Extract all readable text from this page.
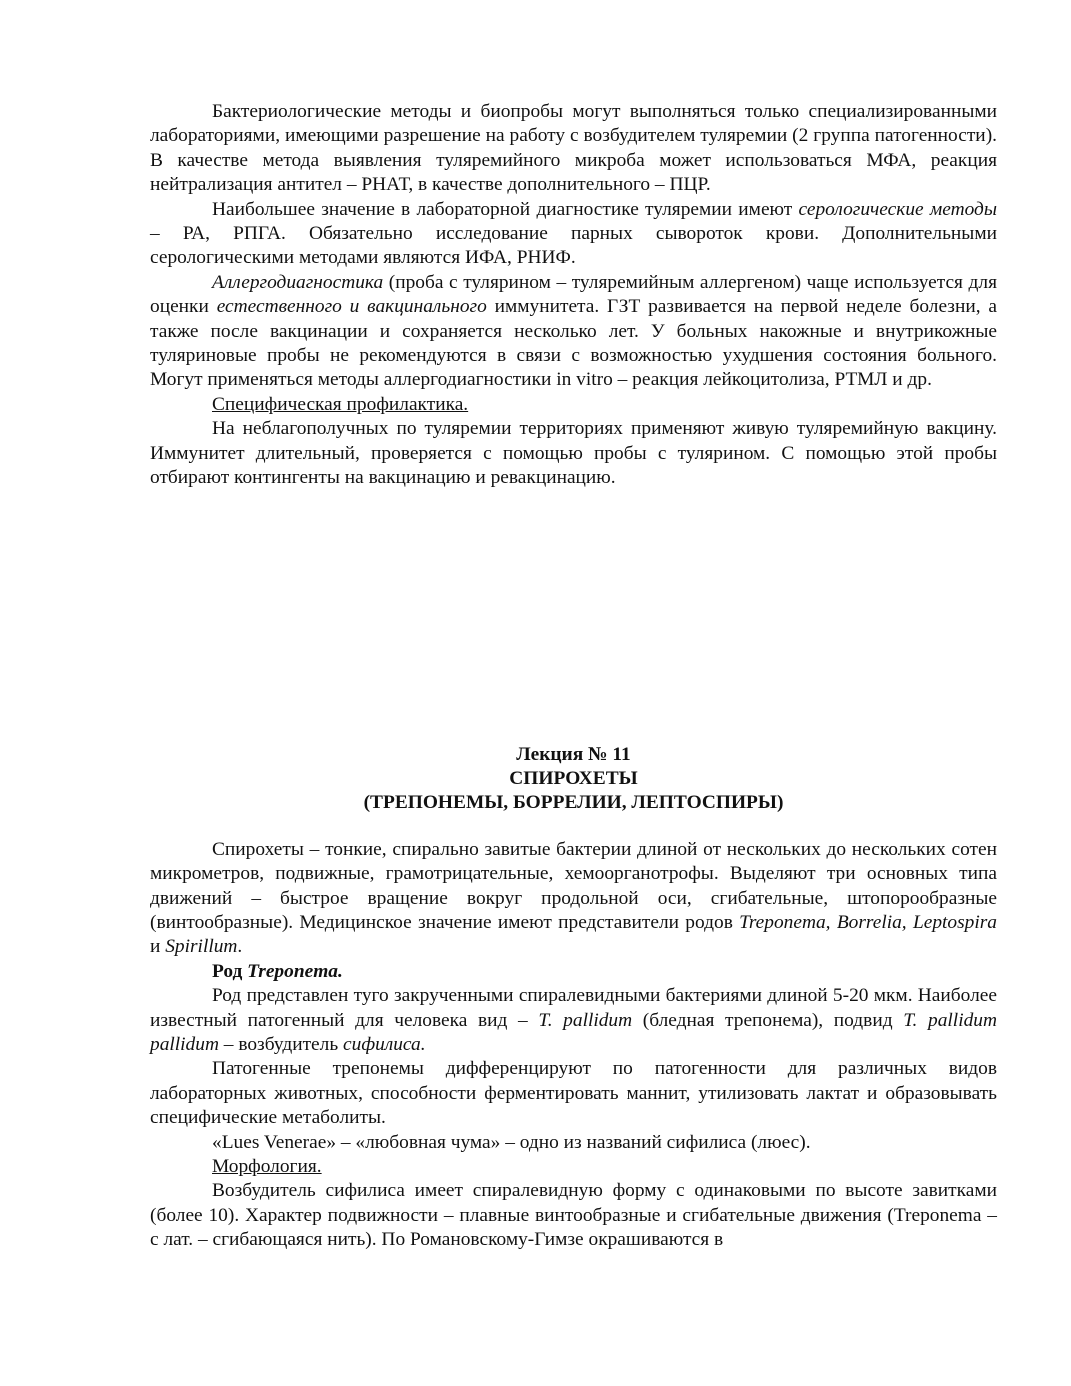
Бактериологические методы и биопробы могут выполняться только специализированными лабораториями, имеющими разрешение на работу с возбудителем туляремии (2 группа патогенности). В качестве метода выявления туляремийного микроба может использоваться МФА, реакция нейтрализация антител – РНАТ, в качестве дополнительного – ПЦР.

Наибольшее значение в лабораторной диагностике туляремии имеют серологические методы – РА, РПГА. Обязательно исследование парных сывороток крови. Дополнительными серологическими методами являются ИФА, РНИФ.

Аллергодиагностика (проба с тулярином – туляремийным аллергеном) чаще используется для оценки естественного и вакцинального иммунитета. ГЗТ развивается на первой неделе болезни, а также после вакцинации и сохраняется несколько лет. У больных накожные и внутрикожные туляриновые пробы не рекомендуются в связи с возможностью ухудшения состояния больного. Могут применяться методы аллергодиагностики in vitro – реакция лейкоцитолиза, РТМЛ и др.

Специфическая профилактика.

На неблагополучных по туляремии территориях применяют живую туляремийную вакцину. Иммунитет длительный, проверяется с помощью пробы с тулярином. С помощью этой пробы отбирают контингенты на вакцинацию и ревакцинацию.

Лекция № 11

СПИРОХЕТЫ

(ТРЕПОНЕМЫ, БОРРЕЛИИ, ЛЕПТОСПИРЫ)

Спирохеты – тонкие, спирально завитые бактерии длиной от нескольких до нескольких сотен микрометров, подвижные, грамотрицательные, хемоорганотрофы. Выделяют три основных типа движений – быстрое вращение вокруг продольной оси, сгибательные, штопорообразные (винтообразные). Медицинское значение имеют представители родов Treponema, Borrelia, Leptospira и Spirillum.

Род Treponema.

Род представлен туго закрученными спиралевидными бактериями длиной 5-20 мкм. Наиболее известный патогенный для человека вид – T. pallidum (бледная трепонема), подвид T. pallidum pallidum – возбудитель сифилиса.

Патогенные трепонемы дифференцируют по патогенности для различных видов лабораторных животных, способности ферментировать маннит, утилизовать лактат и образовывать специфические метаболиты.

«Lues Venerae» – «любовная чума» – одно из названий сифилиса (люес).

Морфология.

Возбудитель сифилиса имеет спиралевидную форму с одинаковыми по высоте завитками (более 10). Характер подвижности – плавные винтообразные и сгибательные движения (Treponema – с лат. – сгибающаяся нить). По Романовскому-Гимзе окрашиваются в
